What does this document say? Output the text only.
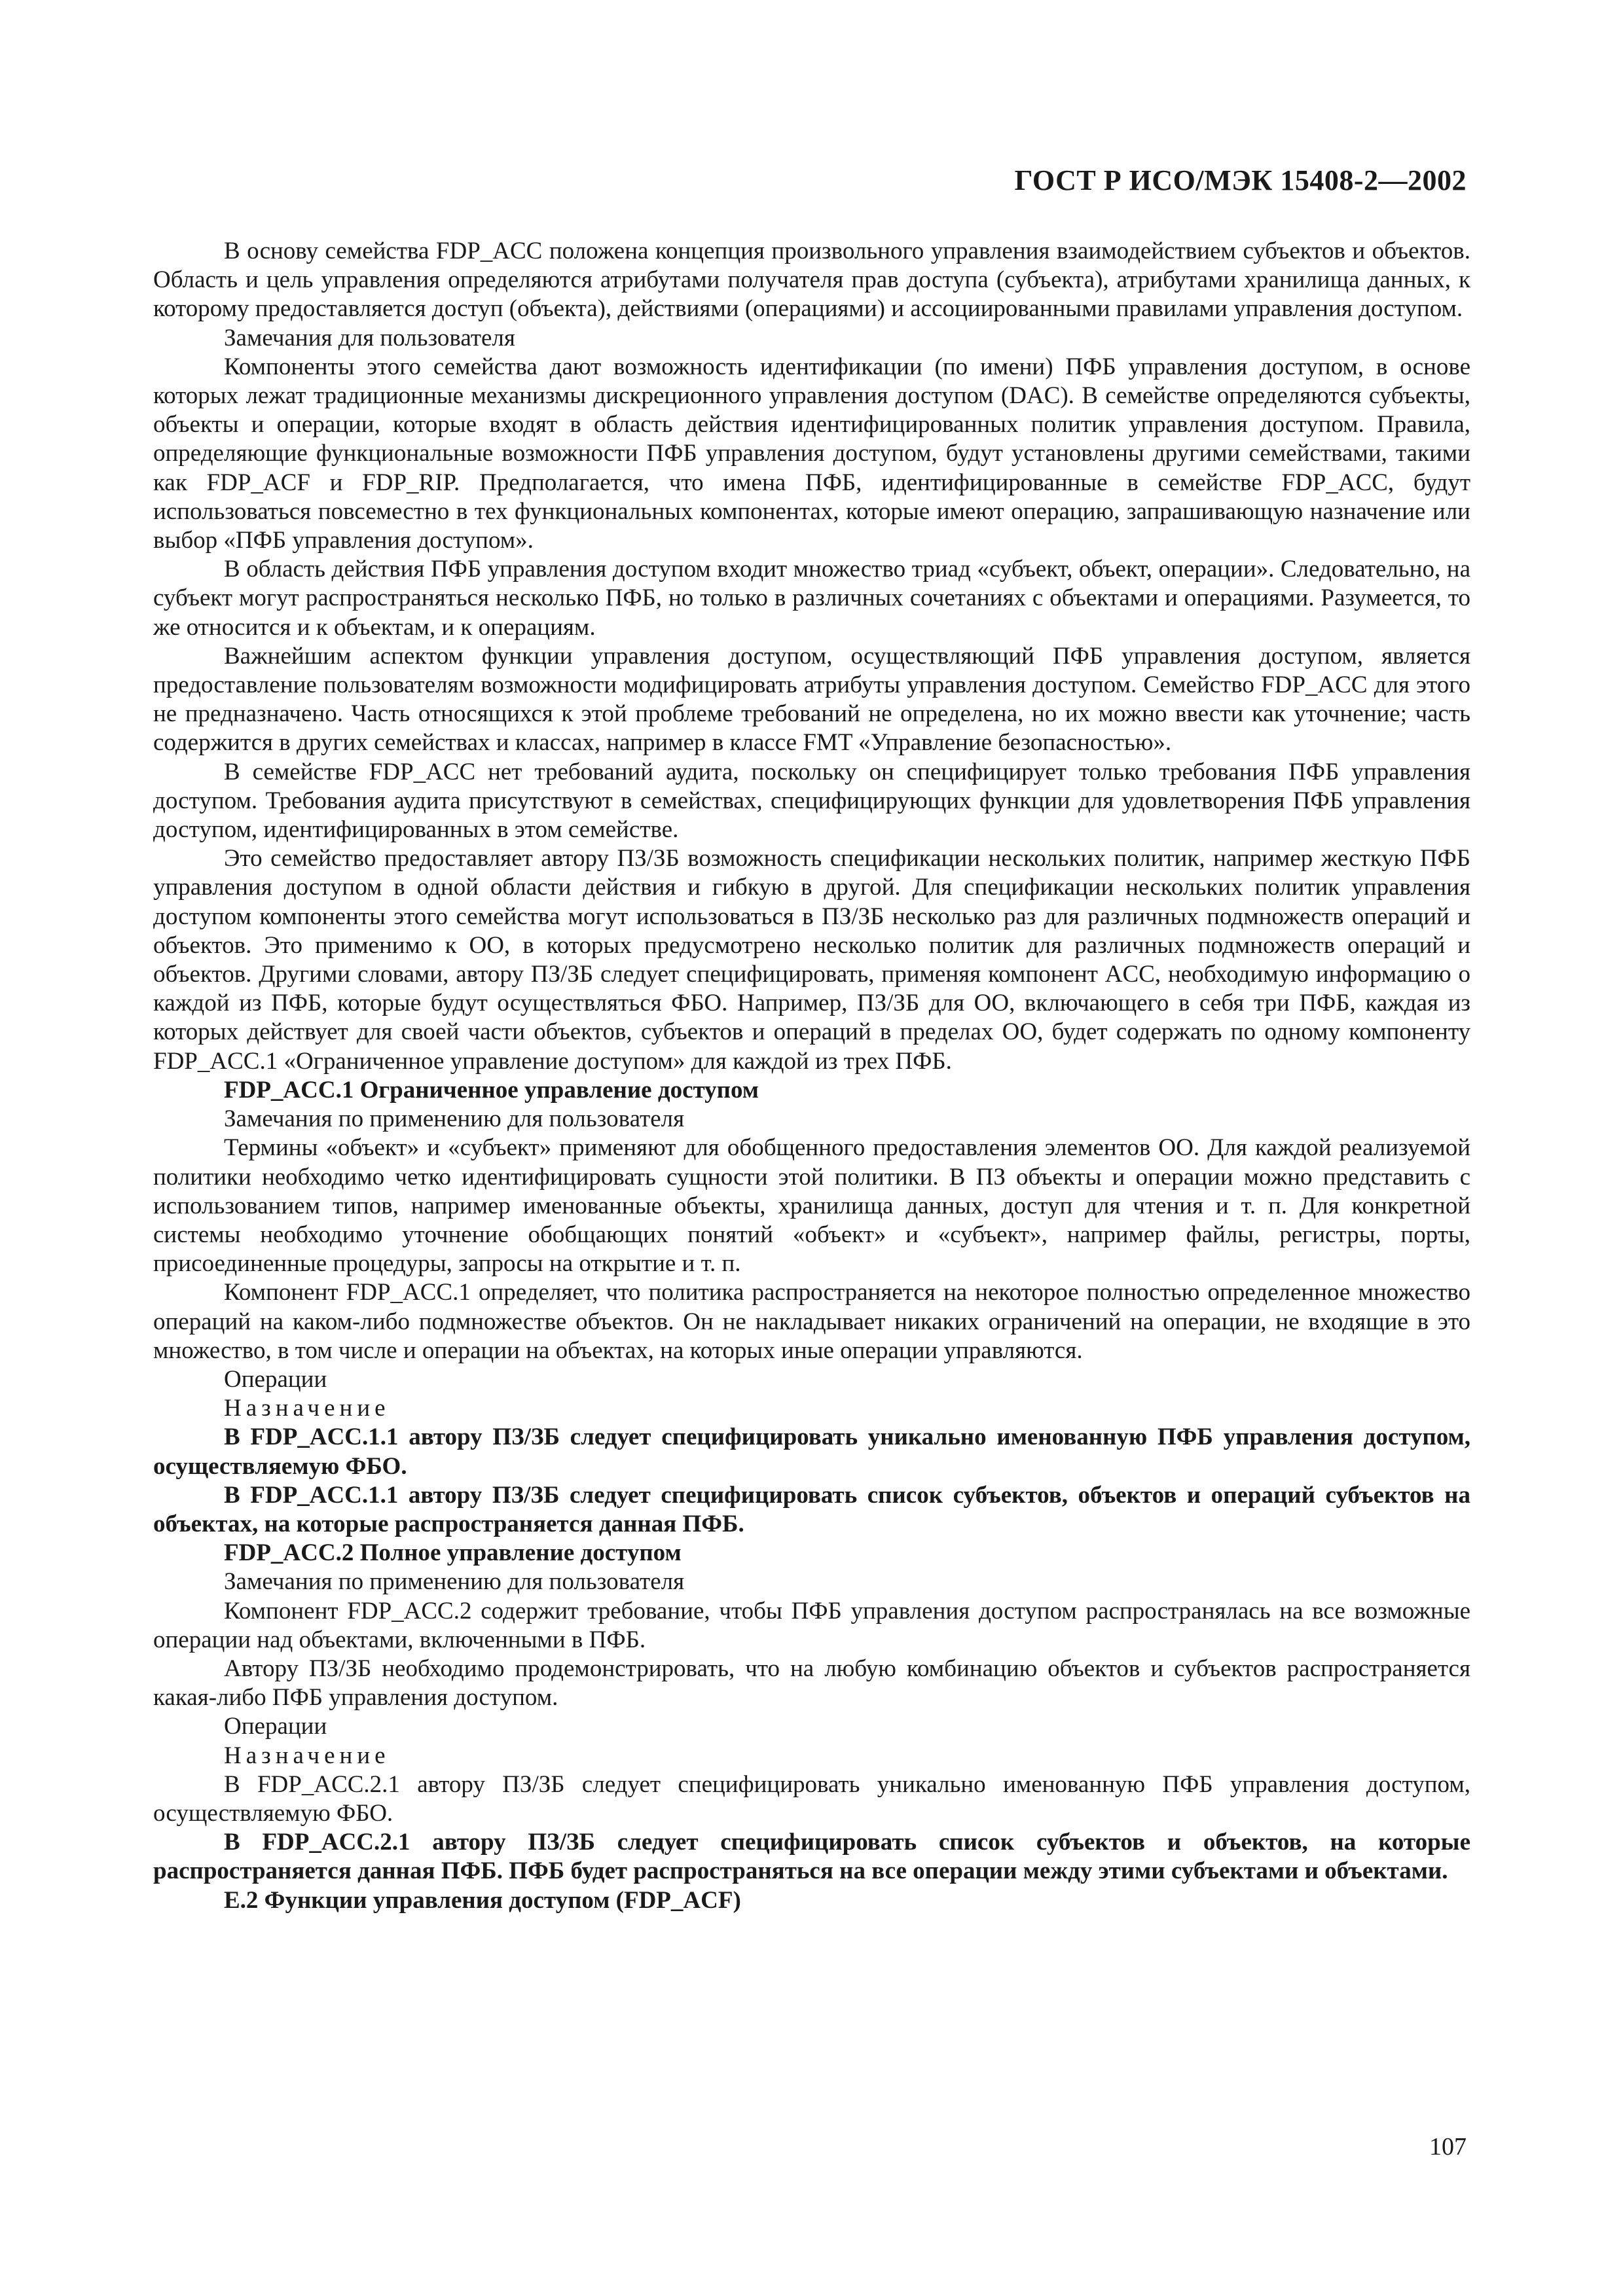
ГОСТ Р ИСО/МЭК 15408-2—2002

В основу семейства FDP_ACC положена концепция произвольного управления взаимодействием субъектов и объектов. Область и цель управления определяются атрибутами получателя прав доступа (субъекта), атрибутами хранилища данных, к которому предоставляется доступ (объекта), действиями (операциями) и ассоциированными правилами управления доступом.

Замечания для пользователя

Компоненты этого семейства дают возможность идентификации (по имени) ПФБ управления доступом, в основе которых лежат традиционные механизмы дискреционного управления доступом (DAC). В семействе определяются субъекты, объекты и операции, которые входят в область действия идентифицированных политик управления доступом. Правила, определяющие функциональные возможности ПФБ управления доступом, будут установлены другими семействами, такими как FDP_ACF и FDP_RIP. Предполагается, что имена ПФБ, идентифицированные в семействе FDP_ACC, будут использоваться повсеместно в тех функциональных компонентах, которые имеют операцию, запрашивающую назначение или выбор «ПФБ управления доступом».

В область действия ПФБ управления доступом входит множество триад «субъект, объект, операции». Следовательно, на субъект могут распространяться несколько ПФБ, но только в различных сочетаниях с объектами и операциями. Разумеется, то же относится и к объектам, и к операциям.

Важнейшим аспектом функции управления доступом, осуществляющий ПФБ управления доступом, является предоставление пользователям возможности модифицировать атрибуты управления доступом. Семейство FDP_ACC для этого не предназначено. Часть относящихся к этой проблеме требований не определена, но их можно ввести как уточнение; часть содержится в других семействах и классах, например в классе FMT «Управление безопасностью».

В семействе FDP_ACC нет требований аудита, поскольку он специфицирует только требования ПФБ управления доступом. Требования аудита присутствуют в семействах, специфицирующих функции для удовлетворения ПФБ управления доступом, идентифицированных в этом семействе.

Это семейство предоставляет автору ПЗ/ЗБ возможность спецификации нескольких политик, например жесткую ПФБ управления доступом в одной области действия и гибкую в другой. Для спецификации нескольких политик управления доступом компоненты этого семейства могут использоваться в ПЗ/ЗБ несколько раз для различных подмножеств операций и объектов. Это применимо к ОО, в которых предусмотрено несколько политик для различных подмножеств операций и объектов. Другими словами, автору ПЗ/ЗБ следует специфицировать, применяя компонент ACC, необходимую информацию о каждой из ПФБ, которые будут осуществляться ФБО. Например, ПЗ/ЗБ для ОО, включающего в себя три ПФБ, каждая из которых действует для своей части объектов, субъектов и операций в пределах ОО, будет содержать по одному компоненту FDP_ACC.1 «Ограниченное управление доступом» для каждой из трех ПФБ.

FDP_ACC.1 Ограниченное управление доступом

Замечания по применению для пользователя

Термины «объект» и «субъект» применяют для обобщенного предоставления элементов ОО. Для каждой реализуемой политики необходимо четко идентифицировать сущности этой политики. В ПЗ объекты и операции можно представить с использованием типов, например именованные объекты, хранилища данных, доступ для чтения и т. п. Для конкретной системы необходимо уточнение обобщающих понятий «объект» и «субъект», например файлы, регистры, порты, присоединенные процедуры, запросы на открытие и т. п.

Компонент FDP_ACC.1 определяет, что политика распространяется на некоторое полностью определенное множество операций на каком-либо подмножестве объектов. Он не накладывает никаких ограничений на операции, не входящие в это множество, в том числе и операции на объектах, на которых иные операции управляются.

Операции

Назначение

В FDP_ACC.1.1 автору ПЗ/ЗБ следует специфицировать уникально именованную ПФБ управления доступом, осуществляемую ФБО.

В FDP_ACC.1.1 автору ПЗ/ЗБ следует специфицировать список субъектов, объектов и операций субъектов на объектах, на которые распространяется данная ПФБ.

FDP_ACC.2 Полное управление доступом

Замечания по применению для пользователя

Компонент FDP_ACC.2 содержит требование, чтобы ПФБ управления доступом распространялась на все возможные операции над объектами, включенными в ПФБ.

Автору ПЗ/ЗБ необходимо продемонстрировать, что на любую комбинацию объектов и субъектов распространяется какая-либо ПФБ управления доступом.

Операции

Назначение

В FDP_ACC.2.1 автору ПЗ/ЗБ следует специфицировать уникально именованную ПФБ управления доступом, осуществляемую ФБО.

В FDP_ACC.2.1 автору ПЗ/ЗБ следует специфицировать список субъектов и объектов, на которые распространяется данная ПФБ. ПФБ будет распространяться на все операции между этими субъектами и объектами.

Е.2 Функции управления доступом (FDP_ACF)

107
